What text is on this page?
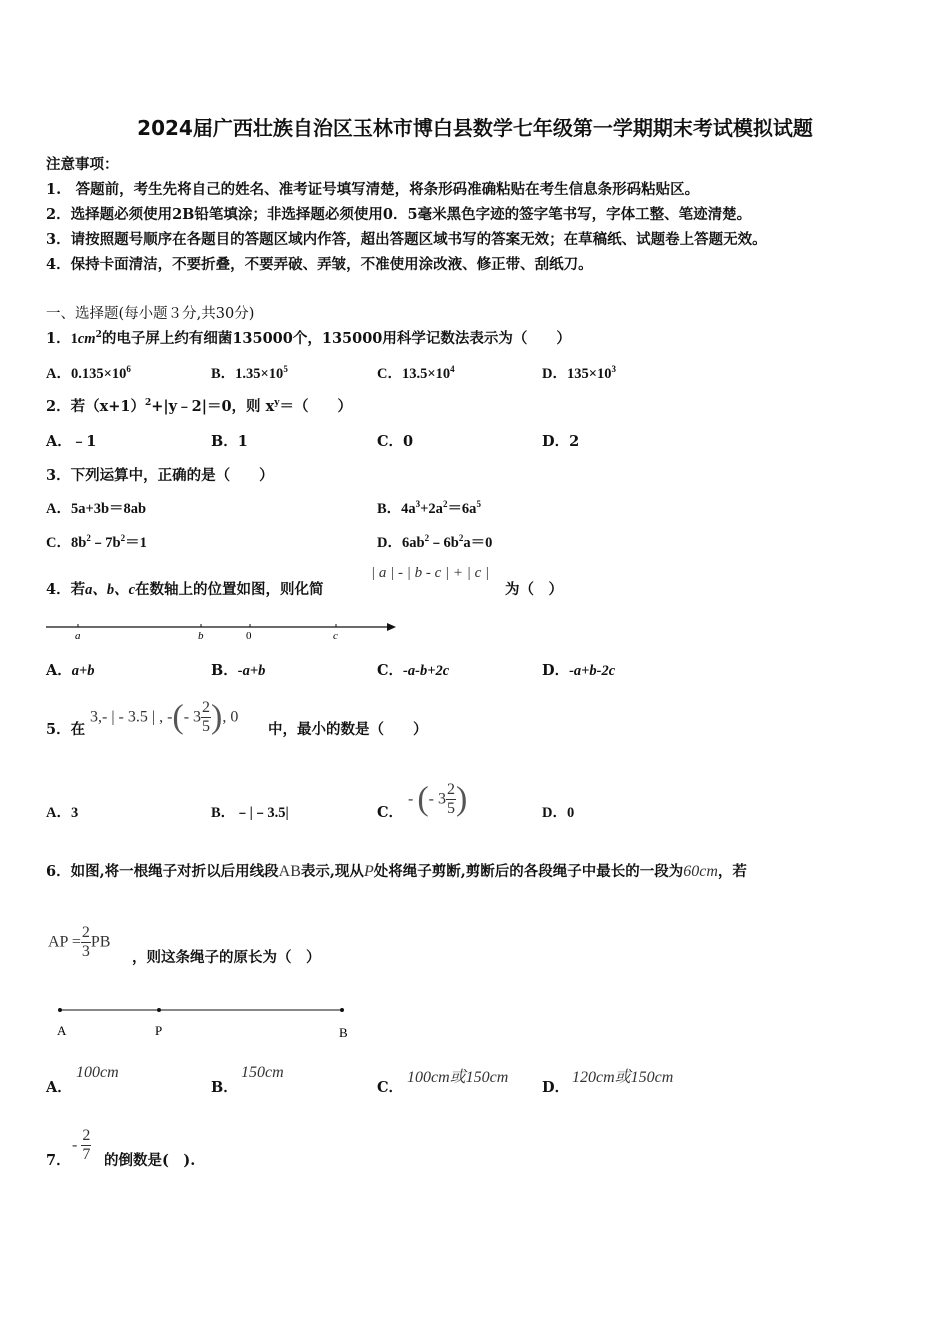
2024届广西壮族自治区玉林市博白县数学七年级第一学期期末考试模拟试题
注意事项：
1.　答题前，考生先将自己的姓名、准考证号填写清楚，将条形码准确粘贴在考生信息条形码粘贴区。
2．选择题必须使用2B铅笔填涂；非选择题必须使用0．5毫米黑色字迹的签字笔书写，字体工整、笔迹清楚。
3．请按照题号顺序在各题目的答题区域内作答，超出答题区域书写的答案无效；在草稿纸、试题卷上答题无效。
4．保持卡面清洁，不要折叠，不要弄破、弄皱，不准使用涂改液、修正带、刮纸刀。
一、选择题(每小题３分,共30分)
1．$1cm^2$的电子屏上约有细菌135000个，135000用科学记数法表示为（　　）
A．$0.135\times 10^6$	B．$1.35\times 10^5$	C．$13.5\times 10^4$	D．$135\times 10^3$
2．若$(x+1)^2+|y﹣2|=0$，则 $x^y=$（　　）
A．﹣1	B．1	C．0	D．2
3．下列运算中，正确的是（　　）
A．5a+3b＝8ab	B．$4a^3+2a^2=6a^5$
C．$8b^2﹣7b^2=1$	D．$6ab^2﹣6b^2a=0$
4．若a、b、c在数轴上的位置如图，则化简
| a | - | b - c | + | c |
为（　）
a	b	0	c
A．a+b	B．-a+b	C．-a-b+2c	D．-a+b-2c
5．在
3,- | - 3.5 | , -(- $3 \frac{2}{5}$ ), 0
中，最小的数是（　　）
A．3	B．﹣|﹣3.5|	C．
- (- $3 \frac{2}{5}$ )	D．0
6．如图,将一根绳子对折以后用线段AB表示,现从P处将绳子剪断,剪断后的各段绳子中最长的一段为60cm，若
AP = $\frac{2}{3}$ PB
，则这条绳子的原长为（　）
A	P	B
A．
100cm
B．
150cm
C．
100cm或150cm
D．
120cm或150cm
7．
- $\frac{2}{7}$ 的倒数是(　).
